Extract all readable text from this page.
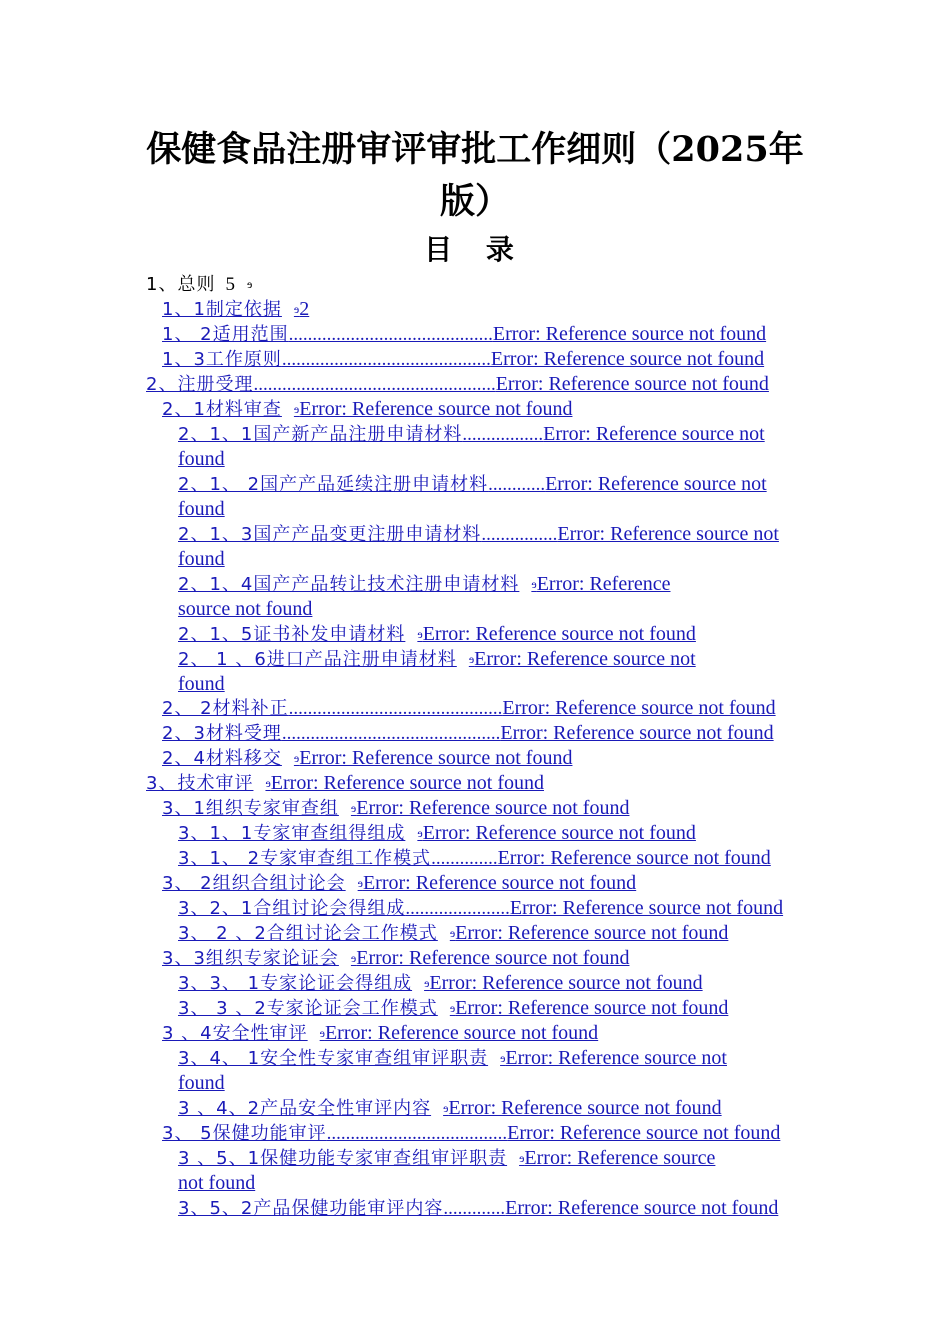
保健食品注册审评审批工作细则（2025年
版）
目 录
1、总则 5 ɘ
1、1制定依据 ɘ2
1、 2适用范围...........................................Error: Reference source not found
1、3工作原则............................................Error: Reference source not found
2、注册受理...................................................Error: Reference source not found
2、1材料审查 ɘError: Reference source not found
2、1、1国产新产品注册申请材料.................Error: Reference source not
found
2、1、 2国产产品延续注册申请材料............Error: Reference source not
found
2、1、3国产产品变更注册申请材料................Error: Reference source not
found
2、1、4国产产品转让技术注册申请材料 ɘError: Reference
source not found
2、1、5证书补发申请材料 ɘError: Reference source not found
2、 1 、6进口产品注册申请材料 ɘError: Reference source not
found
2、 2材料补正.............................................Error: Reference source not found
2、3材料受理..............................................Error: Reference source not found
2、4材料移交 ɘError: Reference source not found
3、技术审评 ɘError: Reference source not found
3、1组织专家审查组 ɘError: Reference source not found
3、1、1专家审查组得组成 ɘError: Reference source not found
3、1、 2专家审查组工作模式..............Error: Reference source not found
3、 2组织合组讨论会 ɘError: Reference source not found
3、2、1合组讨论会得组成......................Error: Reference source not found
3、 2 、2合组讨论会工作模式 ɘError: Reference source not found
3、3组织专家论证会 ɘError: Reference source not found
3、3、 1专家论证会得组成 ɘError: Reference source not found
3、 3 、2专家论证会工作模式 ɘError: Reference source not found
3 、4安全性审评 ɘError: Reference source not found
3、4、 1安全性专家审查组审评职责 ɘError: Reference source not
found
3 、4、2产品安全性审评内容 ɘError: Reference source not found
3、 5保健功能审评......................................Error: Reference source not found
3 、5、1保健功能专家审查组审评职责 ɘError: Reference source
not found
3、5、2产品保健功能审评内容.............Error: Reference source not found
